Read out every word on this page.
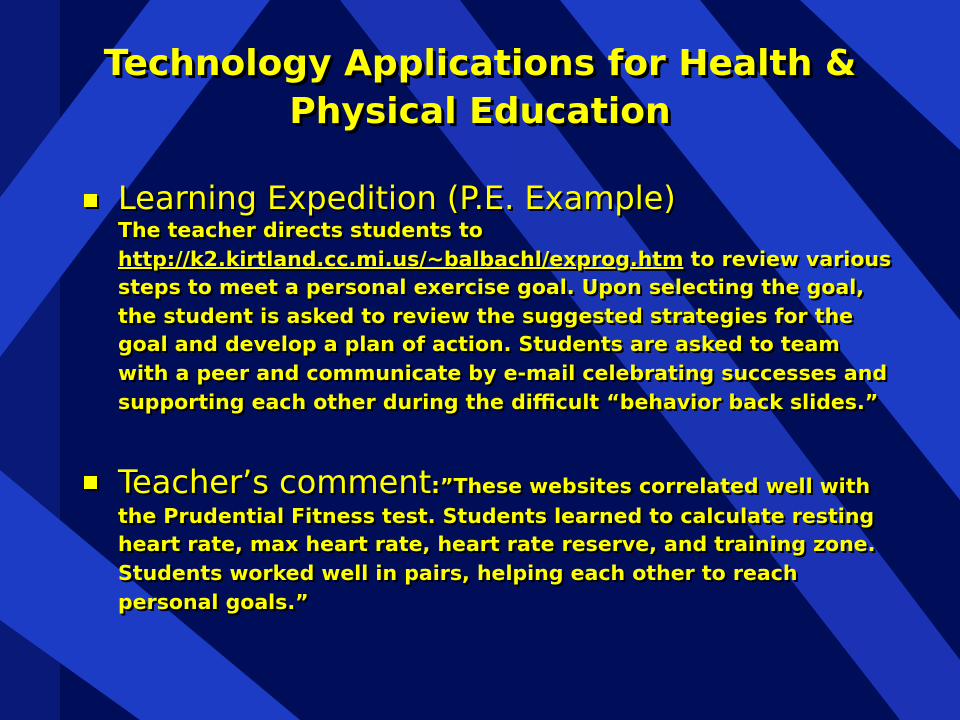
Technology Applications for Health & Physical Education
Learning Expedition (P.E. Example)
The teacher directs students to http://k2.kirtland.cc.mi.us/~balbachl/exprog.htm to review various steps to meet a personal exercise goal. Upon selecting the goal, the student is asked to review the suggested strategies for the goal and develop a plan of action. Students are asked to team with a peer and communicate by e-mail celebrating successes and supporting each other during the difficult “behavior back slides.”
Teacher’s comment:”These websites correlated well with the Prudential Fitness test. Students learned to calculate resting heart rate, max heart rate, heart rate reserve, and training zone. Students worked well in pairs, helping each other to reach personal goals.”
